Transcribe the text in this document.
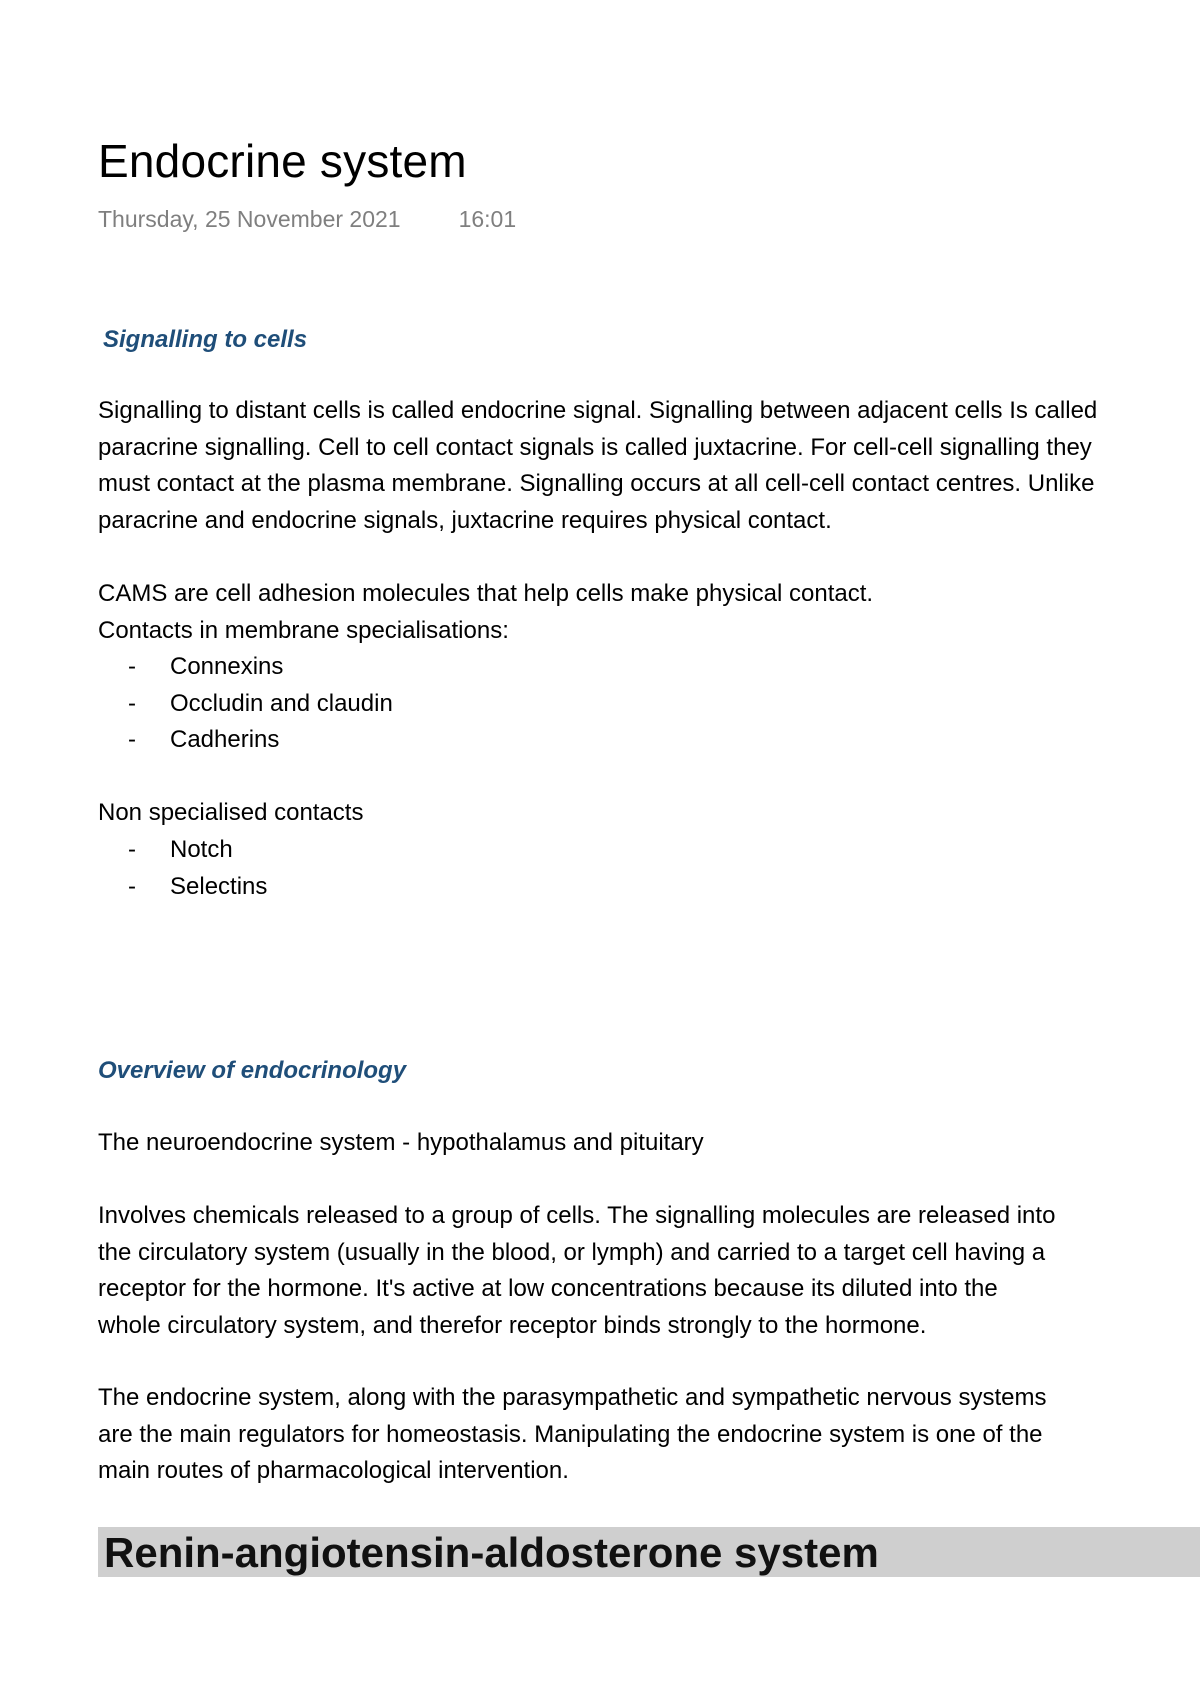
Endocrine system
Thursday, 25 November 2021	16:01
Signalling to cells

Signalling to distant cells is called endocrine signal. Signalling between adjacent cells Is called
paracrine signalling. Cell to cell contact signals is called juxtacrine. For cell-cell signalling they
must contact at the plasma membrane. Signalling occurs at all cell-cell contact centres. Unlike
paracrine and endocrine signals, juxtacrine requires physical contact.

CAMS are cell adhesion molecules that help cells make physical contact.
Contacts in membrane specialisations:

- Connexins
- Occludin and claudin
- Cadherins

Non specialised contacts

- Notch
- Selectins
Overview of endocrinology

The neuroendocrine system - hypothalamus and pituitary

Involves chemicals released to a group of cells. The signalling molecules are released into
the circulatory system (usually in the blood, or lymph) and carried to a target cell having a
receptor for the hormone. It's active at low concentrations because its diluted into the
whole circulatory system, and therefor receptor binds strongly to the hormone.

The endocrine system, along with the parasympathetic and sympathetic nervous systems
are the main regulators for homeostasis. Manipulating the endocrine system is one of the
main routes of pharmacological intervention.

Renin-angiotensin-aldosterone system
